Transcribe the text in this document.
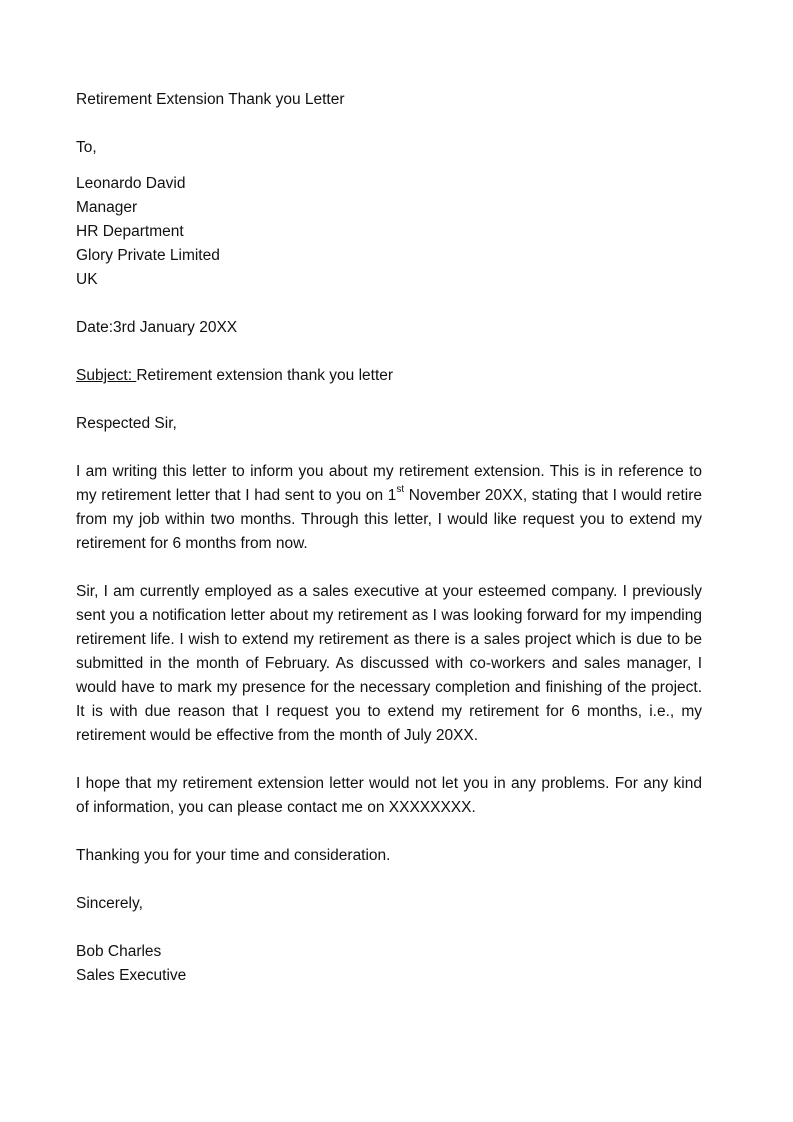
Retirement Extension Thank you Letter

To,

Leonardo David

Manager

HR Department

Glory Private Limited

UK

Date:3rd January 20XX

Subject: Retirement extension thank you letter

Respected Sir,

I am writing this letter to inform you about my retirement extension. This is in reference to my retirement letter that I had sent to you on 1st November 20XX, stating that I would retire from my job within two months. Through this letter, I would like request you to extend my retirement for 6 months from now.

Sir, I am currently employed as a sales executive at your esteemed company. I previously sent you a notification letter about my retirement as I was looking forward for my impending retirement life. I wish to extend my retirement as there is a sales project which is due to be submitted in the month of February. As discussed with co-workers and sales manager, I would have to mark my presence for the necessary completion and finishing of the project. It is with due reason that I request you to extend my retirement for 6 months, i.e., my retirement would be effective from the month of July 20XX.

I hope that my retirement extension letter would not let you in any problems. For any kind of information, you can please contact me on XXXXXXXX.

Thanking you for your time and consideration.

Sincerely,

Bob Charles

Sales Executive
